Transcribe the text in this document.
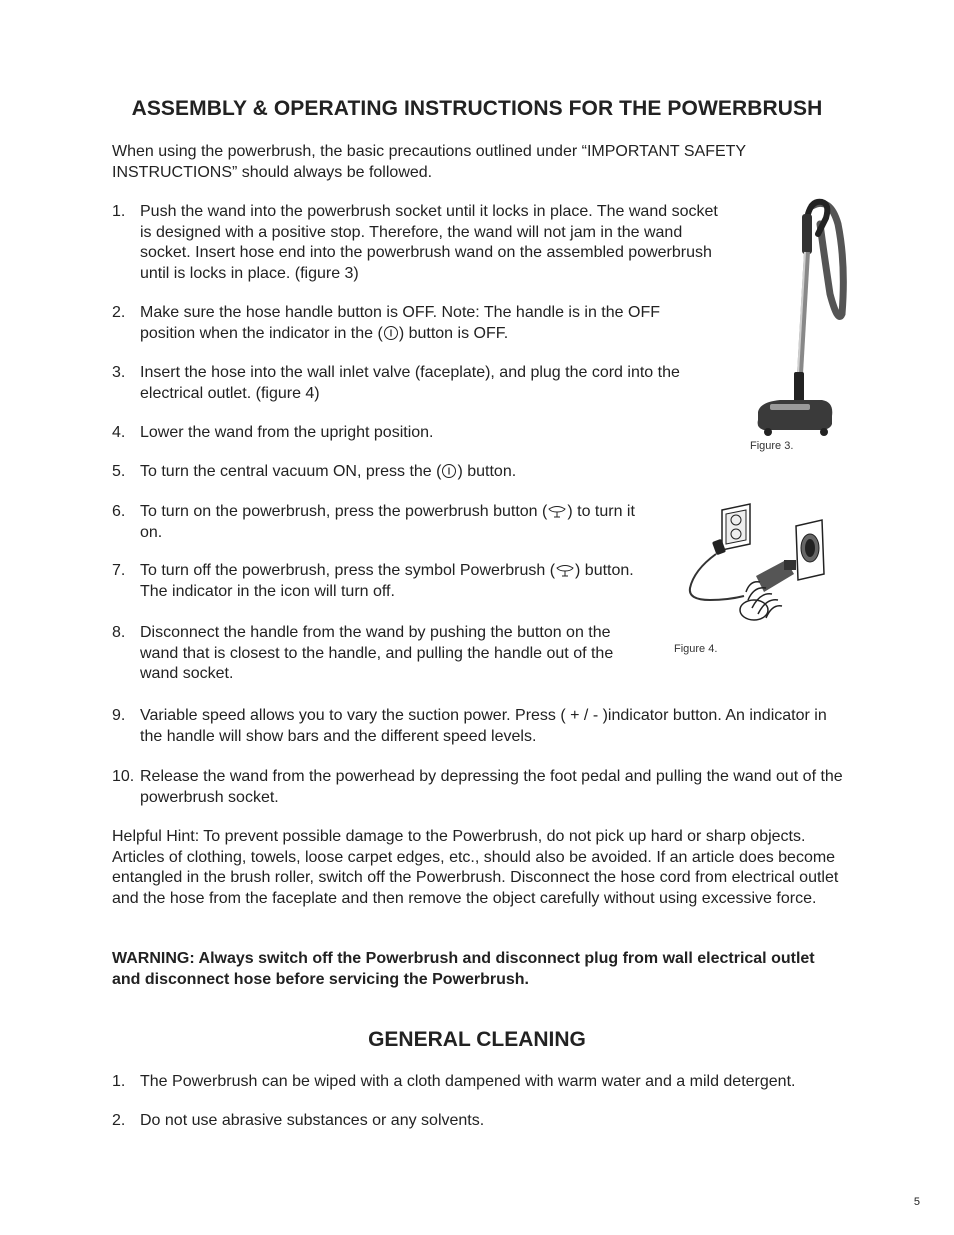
ASSEMBLY & OPERATING INSTRUCTIONS FOR THE POWERBRUSH

When using the powerbrush, the basic precautions outlined under “IMPORTANT SAFETY INSTRUCTIONS” should always be followed.

1. Push the wand into the powerbrush socket until it locks in place. The wand socket is designed with a positive stop. Therefore, the wand will not jam in the wand socket. Insert hose end into the powerbrush wand on the assembled powerbrush until is locks in place. (figure 3)
2. Make sure the hose handle button is OFF. Note: The handle is in the OFF position when the indicator in the ( ) button is OFF.
3. Insert the hose into the wall inlet valve (faceplate), and plug the cord into the electrical outlet. (figure 4)
4. Lower the wand from the upright position.
5. To turn the central vacuum ON, press the ( ) button.
6. To turn on the powerbrush, press the powerbrush button ( ) to turn it on.
7. To turn off the powerbrush, press the symbol Powerbrush ( ) button. The indicator in the icon will turn off.
8. Disconnect the handle from the wand by pushing the button on the wand that is closest to the handle, and pulling the handle out of the wand socket.
9. Variable speed allows you to vary the suction power. Press ( + / - )indicator button. An indicator in the handle will show bars and the different speed levels.
10. Release the wand from the powerhead by depressing the foot pedal and pulling the wand out of the powerbrush socket.

Helpful Hint: To prevent possible damage to the Powerbrush, do not pick up hard or sharp objects. Articles of clothing, towels, loose carpet edges, etc., should also be avoided. If an article does become entangled in the brush roller, switch off the Powerbrush. Disconnect the hose cord from electrical outlet and the hose from the faceplate and then remove the object carefully without using excessive force.

WARNING: Always switch off the Powerbrush and disconnect plug from wall electrical outlet and disconnect hose before servicing the Powerbrush.

GENERAL CLEANING
1. The Powerbrush can be wiped with a cloth dampened with warm water and a mild detergent.
2. Do not use abrasive substances or any solvents.
Figure 3.
Figure 4.
5
